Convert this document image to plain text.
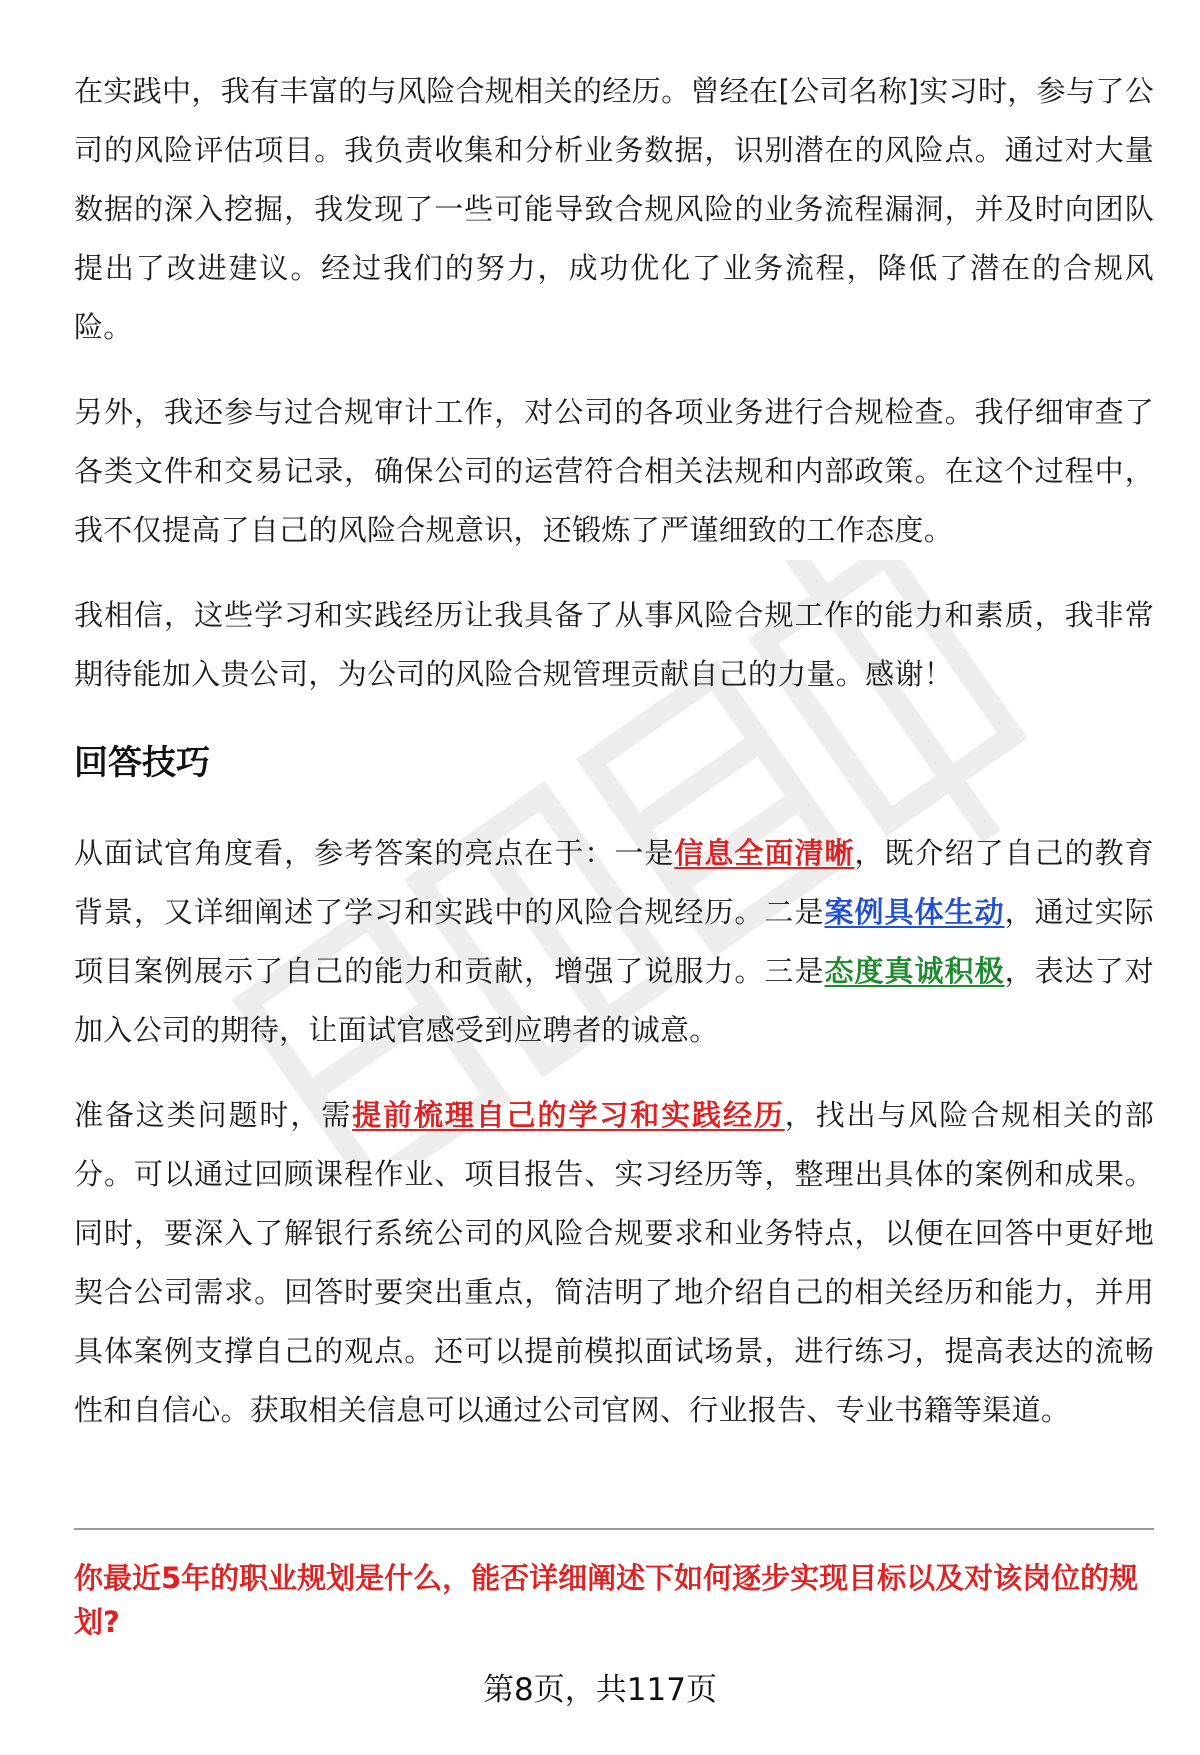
在实践中，我有丰富的与风险合规相关的经历。曾经在[公司名称]实习时，参与了公司的风险评估项目。我负责收集和分析业务数据，识别潜在的风险点。通过对大量数据的深入挖掘，我发现了一些可能导致合规风险的业务流程漏洞，并及时向团队提出了改进建议。经过我们的努力，成功优化了业务流程，降低了潜在的合规风险。

另外，我还参与过合规审计工作，对公司的各项业务进行合规检查。我仔细审查了各类文件和交易记录，确保公司的运营符合相关法规和内部政策。在这个过程中，我不仅提高了自己的风险合规意识，还锻炼了严谨细致的工作态度。

我相信，这些学习和实践经历让我具备了从事风险合规工作的能力和素质，我非常期待能加入贵公司，为公司的风险合规管理贡献自己的力量。感谢！

回答技巧

从面试官角度看，参考答案的亮点在于：一是信息全面清晰，既介绍了自己的教育背景，又详细阐述了学习和实践中的风险合规经历。二是案例具体生动，通过实际项目案例展示了自己的能力和贡献，增强了说服力。三是态度真诚积极，表达了对加入公司的期待，让面试官感受到应聘者的诚意。

准备这类问题时，需提前梳理自己的学习和实践经历，找出与风险合规相关的部分。可以通过回顾课程作业、项目报告、实习经历等，整理出具体的案例和成果。同时，要深入了解银行系统公司的风险合规要求和业务特点，以便在回答中更好地契合公司需求。回答时要突出重点，简洁明了地介绍自己的相关经历和能力，并用具体案例支撑自己的观点。还可以提前模拟面试场景，进行练习，提高表达的流畅性和自信心。获取相关信息可以通过公司官网、行业报告、专业书籍等渠道。

你最近5年的职业规划是什么，能否详细阐述下如何逐步实现目标以及对该岗位的规划?
第8页，共117页
